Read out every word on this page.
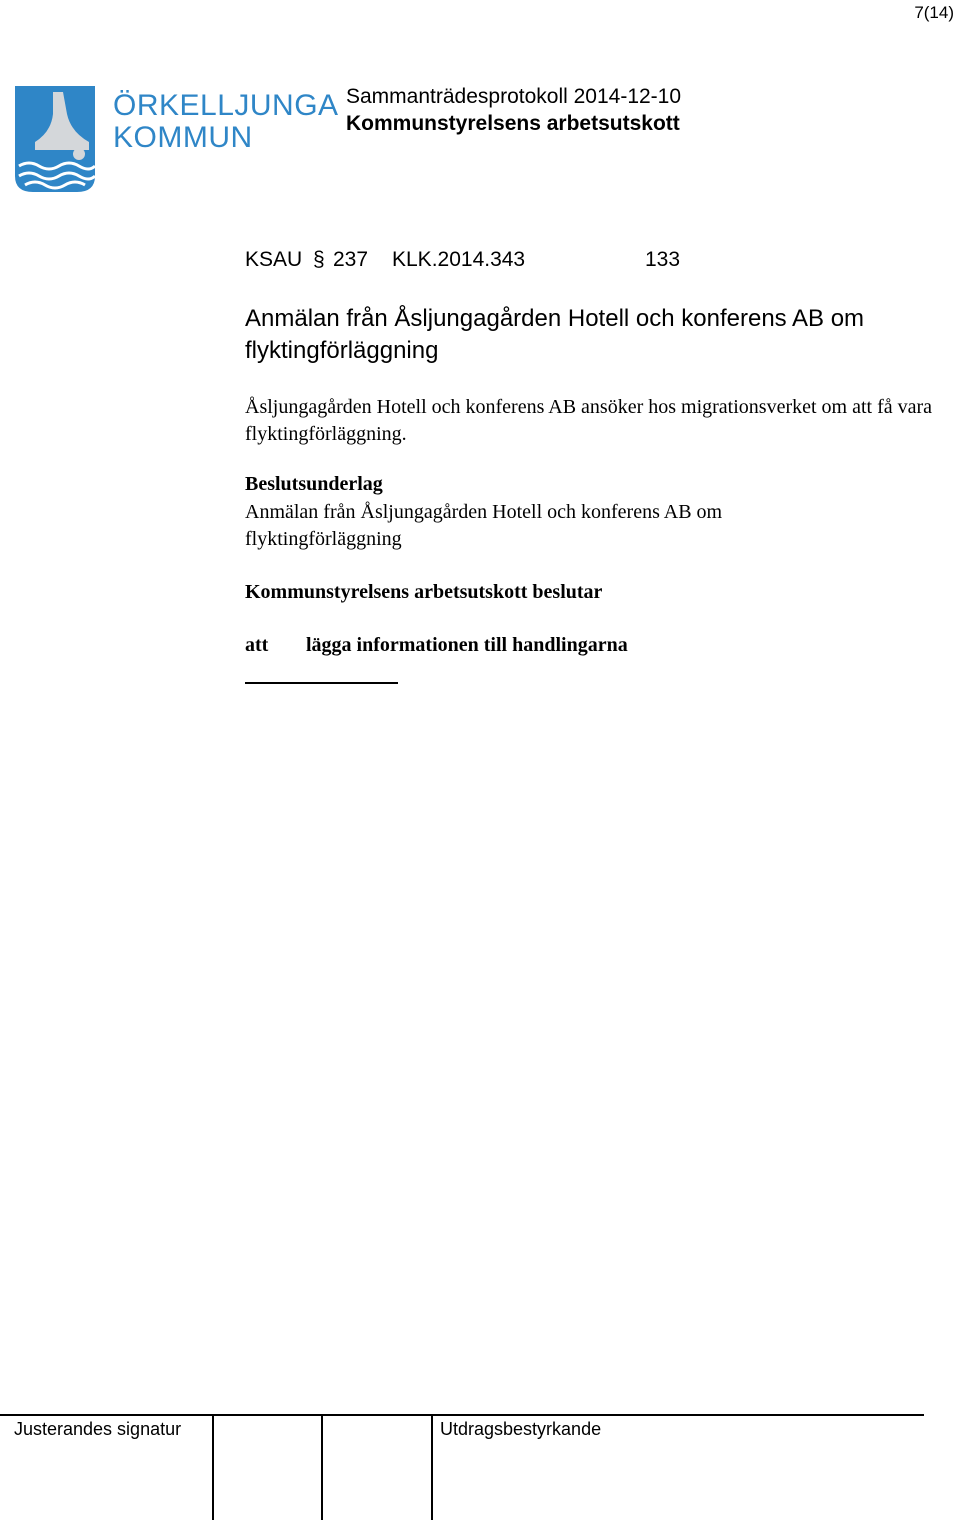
7(14)
ÖRKELLJUNGA
KOMMUN
Sammanträdesprotokoll 2014-12-10
Kommunstyrelsens arbetsutskott
KSAU § 237 KLK.2014.343	133
Anmälan från Åsljungagården Hotell och konferens AB om flyktingförläggning
Åsljungagården Hotell och konferens AB ansöker hos migrationsverket om att få vara flyktingförläggning.
Beslutsunderlag
Anmälan från Åsljungagården Hotell och konferens AB om flyktingförläggning
Kommunstyrelsens arbetsutskott beslutar
att lägga informationen till handlingarna
Justerandes signatur	Utdragsbestyrkande
